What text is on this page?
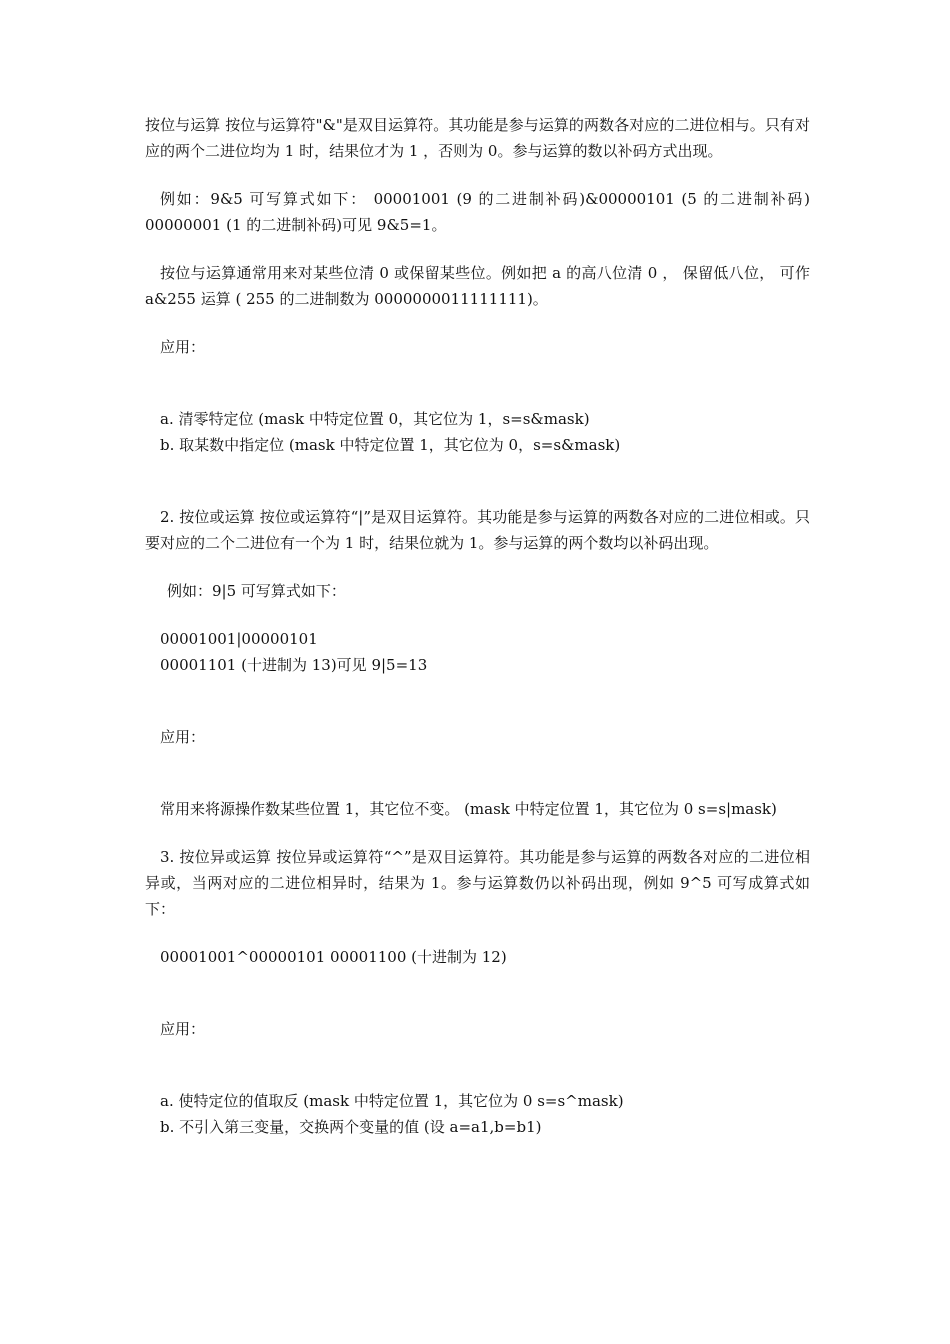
按位与运算 按位与运算符"&"是双目运算符。其功能是参与运算的两数各对应的二进位相与。只有对应的两个二进位均为 1 时，结果位才为 1 ，否则为 0。参与运算的数以补码方式出现。

例如：9&5 可写算式如下： 00001001 (9 的二进制补码)&00000101 (5 的二进制补码) 00000001 (1 的二进制补码)可见 9&5=1。

按位与运算通常用来对某些位清 0 或保留某些位。例如把 a 的高八位清 0 ， 保留低八位， 可作 a&255 运算 ( 255 的二进制数为 0000000011111111)。

应用：

a. 清零特定位 (mask 中特定位置 0，其它位为 1，s=s&mask)

b. 取某数中指定位 (mask 中特定位置 1，其它位为 0，s=s&mask)

2. 按位或运算 按位或运算符“|”是双目运算符。其功能是参与运算的两数各对应的二进位相或。只要对应的二个二进位有一个为 1 时，结果位就为 1。参与运算的两个数均以补码出现。

例如：9|5 可写算式如下：

00001001|00000101

00001101 (十进制为 13)可见 9|5=13

应用：

常用来将源操作数某些位置 1，其它位不变。 (mask 中特定位置 1，其它位为 0 s=s|mask)

3. 按位异或运算 按位异或运算符“^”是双目运算符。其功能是参与运算的两数各对应的二进位相异或，当两对应的二进位相异时，结果为 1。参与运算数仍以补码出现，例如 9^5 可写成算式如下：

00001001^00000101 00001100 (十进制为 12)

应用：

a. 使特定位的值取反 (mask 中特定位置 1，其它位为 0 s=s^mask)

b. 不引入第三变量，交换两个变量的值 (设 a=a1,b=b1)
